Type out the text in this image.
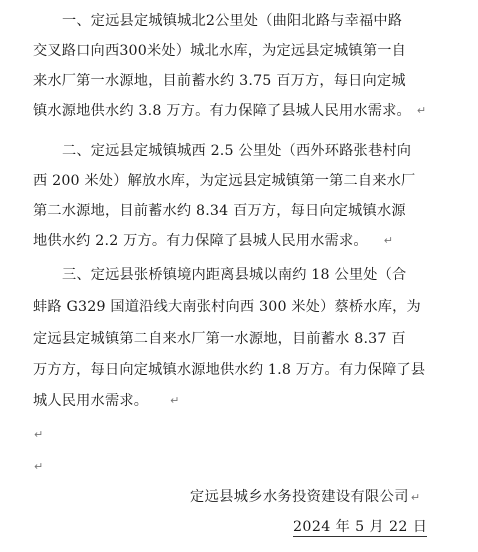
一、定远县定城镇城北2公里处（曲阳北路与幸福中路
交叉路口向西300米处）城北水库，为定远县定城镇第一自
来水厂第一水源地，目前蓄水约 3.75 百万方，每日向定城
镇水源地供水约 3.8 万方。有力保障了县城人民用水需求。 ↵
二、定远县定城镇城西 2.5 公里处（西外环路张巷村向
西 200 米处）解放水库，为定远县定城镇第一第二自来水厂
第二水源地，目前蓄水约 8.34 百万方，每日向定城镇水源
地供水约 2.2 万方。有力保障了县城人民用水需求。 ↵
三、定远县张桥镇境内距离县城以南约 18 公里处（合
蚌路 G329 国道沿线大南张村向西 300 米处）蔡桥水库，为
定远县定城镇第二自来水厂第一水源地，目前蓄水 8.37 百
万方方，每日向定城镇水源地供水约 1.8 万方。有力保障了县
城人民用水需求。 ↵
↵
↵
定远县城乡水务投资建设有限公司 ↵
2024 年 5 月 22 日
